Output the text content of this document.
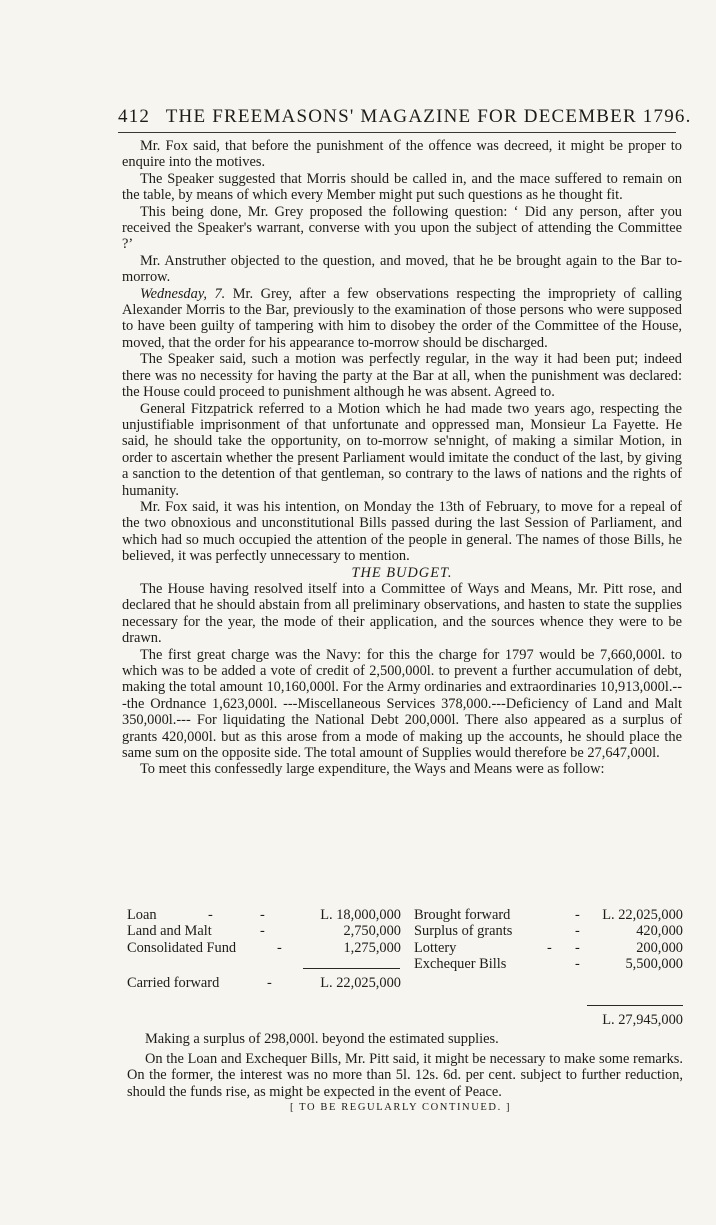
412 THE FREEMASONS' MAGAZINE FOR DECEMBER 1796.

Mr. Fox said, that before the punishment of the offence was decreed, it might be proper to enquire into the motives.

The Speaker suggested that Morris should be called in, and the mace suffered to remain on the table, by means of which every Member might put such questions as he thought fit.

This being done, Mr. Grey proposed the following question: ‘ Did any person, after you received the Speaker's warrant, converse with you upon the subject of attending the Committee ?’

Mr. Anstruther objected to the question, and moved, that he be brought again to the Bar to-morrow.

Wednesday, 7. Mr. Grey, after a few observations respecting the impropriety of calling Alexander Morris to the Bar, previously to the examination of those persons who were supposed to have been guilty of tampering with him to disobey the order of the Committee of the House, moved, that the order for his appearance to-morrow should be discharged.

The Speaker said, such a motion was perfectly regular, in the way it had been put; indeed there was no necessity for having the party at the Bar at all, when the punishment was declared: the House could proceed to punishment although he was absent. Agreed to.

General Fitzpatrick referred to a Motion which he had made two years ago, respecting the unjustifiable imprisonment of that unfortunate and oppressed man, Monsieur La Fayette. He said, he should take the opportunity, on to-morrow se'nnight, of making a similar Motion, in order to ascertain whether the present Parliament would imitate the conduct of the last, by giving a sanction to the detention of that gentleman, so contrary to the laws of nations and the rights of humanity.

Mr. Fox said, it was his intention, on Monday the 13th of February, to move for a repeal of the two obnoxious and unconstitutional Bills passed during the last Session of Parliament, and which had so much occupied the attention of the people in general. The names of those Bills, he believed, it was perfectly unnecessary to mention.

THE BUDGET.

The House having resolved itself into a Committee of Ways and Means, Mr. Pitt rose, and declared that he should abstain from all preliminary observations, and hasten to state the supplies necessary for the year, the mode of their application, and the sources whence they were to be drawn.

The first great charge was the Navy: for this the charge for 1797 would be 7,660,000l. to which was to be added a vote of credit of 2,500,000l. to prevent a further accumulation of debt, making the total amount 10,160,000l. For the Army ordinaries and extraordinaries 10,913,000l.---the Ordnance 1,623,000l. ---Miscellaneous Services 378,000.---Deficiency of Land and Malt 350,000l.--- For liquidating the National Debt 200,000l. There also appeared as a surplus of grants 420,000l. but as this arose from a mode of making up the accounts, he should place the same sum on the opposite side. The total amount of Supplies would therefore be 27,647,000l.

To meet this confessedly large expenditure, the Ways and Means were as follow:

Loan	-	-	L. 18,000,000 Brought forward	-	L. 22,025,000
Land and Malt	-	2,750,000 Surplus of grants	-	420,000
Consolidated Fund	-	1,275,000 Lottery	- -	200,000
Exchequer Bills	-	5,500,000
Carried forward	-	L. 22,025,000

L. 27,945,000

Making a surplus of 298,000l. beyond the estimated supplies.

On the Loan and Exchequer Bills, Mr. Pitt said, it might be necessary to make some remarks. On the former, the interest was no more than 5l. 12s. 6d. per cent. subject to further reduction, should the funds rise, as might be expected in the event of Peace.

[ TO BE REGULARLY CONTINUED. ]
